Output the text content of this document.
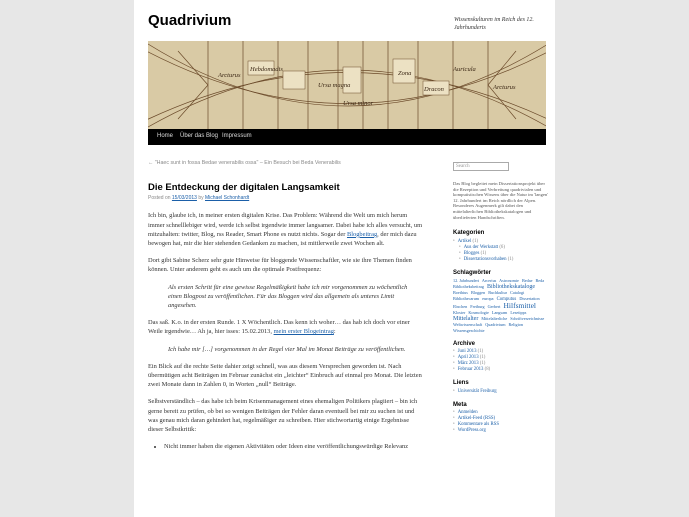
Quadrivium	Wissenskulturen im Reich des 12. Jahrhunderts
Arcturus
Hebdomadis
Ursa magna
Ursa minor
Zona
Dracon
Auricula
Arcturus
Home Über das Blog Impressum
← "Haec sunt in fossa Bedae venerabilis ossa" – Ein Besuch bei Beda Venerabilis
Die Entdeckung der digitalen Langsamkeit
Posted on 15/03/2013 by Michael Schonhardt

Ich bin, glaube ich, in meiner ersten digitalen Krise. Das Problem: Während die Welt um mich herum immer schnelllebiger wird, werde ich selbst irgendwie immer langsamer. Dabei habe ich alles versucht, um mitzuhalten: twitter, Blog, rss Reader, Smart Phone es nutzt nichts. Sogar der Blogbeitrag, der mich dazu bewogen hat, mir die hier stehenden Gedanken zu machen, ist mittlerweile zwei Wochen alt.

Dort gibt Sabine Scherz sehr gute Hinweise für bloggende Wissenschaftler, wie sie ihre Themen finden können. Unter anderem geht es auch um die optimale Postfrequenz:

Als ersten Schritt für eine gewisse Regelmäßigkeit habe ich mir vorgenommen zu wöchentlich einen Blogpost zu veröffentlichen. Für das Bloggen wird das allgemein als unteres Limit angesehen.

Das saß. K.o. in der ersten Runde. 1 X Wöchentlich. Das kenn ich woher… das hab ich doch vor einer Weile irgendwie… Ah ja, hier isses: 15.02.2013, mein erster Blogeintrag:

Ich habe mir […] vorgenommen in der Regel vier Mal im Monat Beiträge zu veröffentlichen.

Ein Blick auf die rechte Seite dahier zeigt schnell, was aus diesem Versprechen geworden ist. Nach übermütigen acht Beiträgen im Februar zunächst ein „leichter“ Einbruch auf einmal pro Monat. Die letzten zwei Monate dann in Zahlen 0, in Worten „null“ Beiträge.

Selbstverständlich – das habe ich beim Krisenmanagement eines ehemaligen Politikers plagiiert – bin ich gerne bereit zu prüfen, ob bei so wenigen Beiträgen der Fehler daran eventuell bei mir zu suchen ist und was genau mich daran gehindert hat, regelmäßiger zu schreiben. Hier stichwortartig einige Ergebnisse dieser Selbstkritik:

• Nicht immer haben die eigenen Aktivitäten oder Ideen eine veröffentlichungswürdige Relevanz
Search
Das Blog begleitet mein Dissertationsprojekt über die Rezeption und Verbreitung quadrivialen und komputistischen Wissens über die Natur im 'langen' 12. Jahrhundert im Reich nördlich der Alpen. Besonderes Augenmerk gilt dabei den mittelalterlichen Bibliothekskatalogen und überlieferten Handschriften.
Kategorien
• Artikel (1)
• Aus der Werkstatt (6)
• Blogges (1)
• Dissertationsvorhaben (1)
Schlagwörter
12. Jahrhundert Arcerius Astronomie Bedae Beda Bibliotheksbeitrag Bibliothekskataloge Boethius Bloggen Buchkultur Catalogi Bibliothecarum europa Computus Dissertation Ebschen Freiburg Gerbert Hilfsmittel Kloster Kosmologie Langsam Lesetipps Mittelalter Mittelalterliche Schriftverzeichnisse Weltwissenschaft Quadrivium Religion Wissensgeschichte
Archive
• Juni 2013 (1)
• April 2013 (1)
• März 2013 (1)
• Februar 2013 (8)
Liens
• Universität Freiburg
Meta
• Anmelden
• Artikel-Feed (RSS)
• Kommentare als RSS
• WordPress.org
